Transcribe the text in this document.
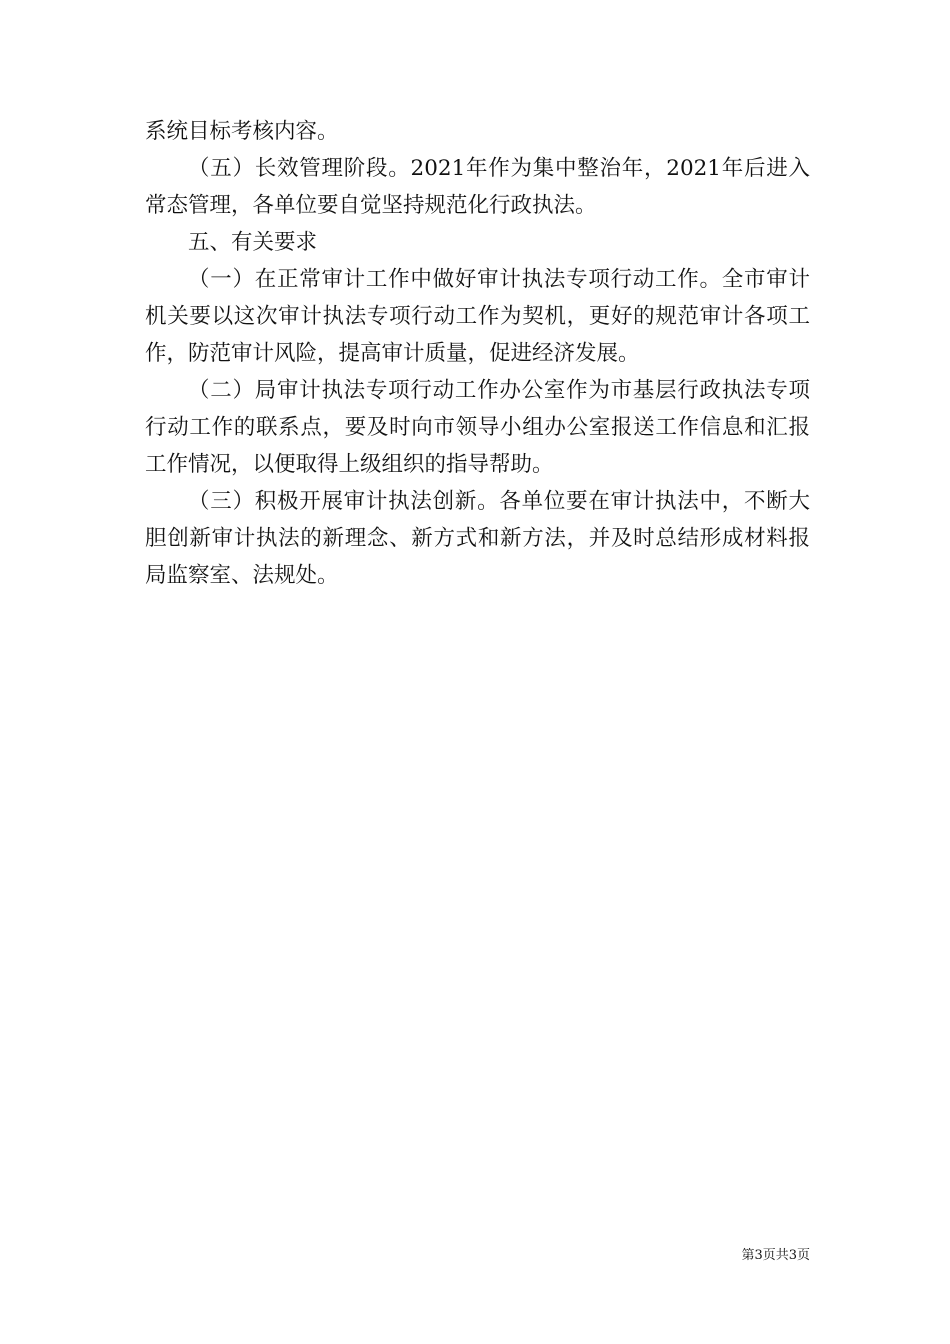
系统目标考核内容。

（五）长效管理阶段。2021年作为集中整治年，2021年后进入常态管理，各单位要自觉坚持规范化行政执法。

五、有关要求

（一）在正常审计工作中做好审计执法专项行动工作。全市审计机关要以这次审计执法专项行动工作为契机，更好的规范审计各项工作，防范审计风险，提高审计质量，促进经济发展。

（二）局审计执法专项行动工作办公室作为市基层行政执法专项行动工作的联系点，要及时向市领导小组办公室报送工作信息和汇报工作情况，以便取得上级组织的指导帮助。

（三）积极开展审计执法创新。各单位要在审计执法中，不断大胆创新审计执法的新理念、新方式和新方法，并及时总结形成材料报局监察室、法规处。

第3页共3页
